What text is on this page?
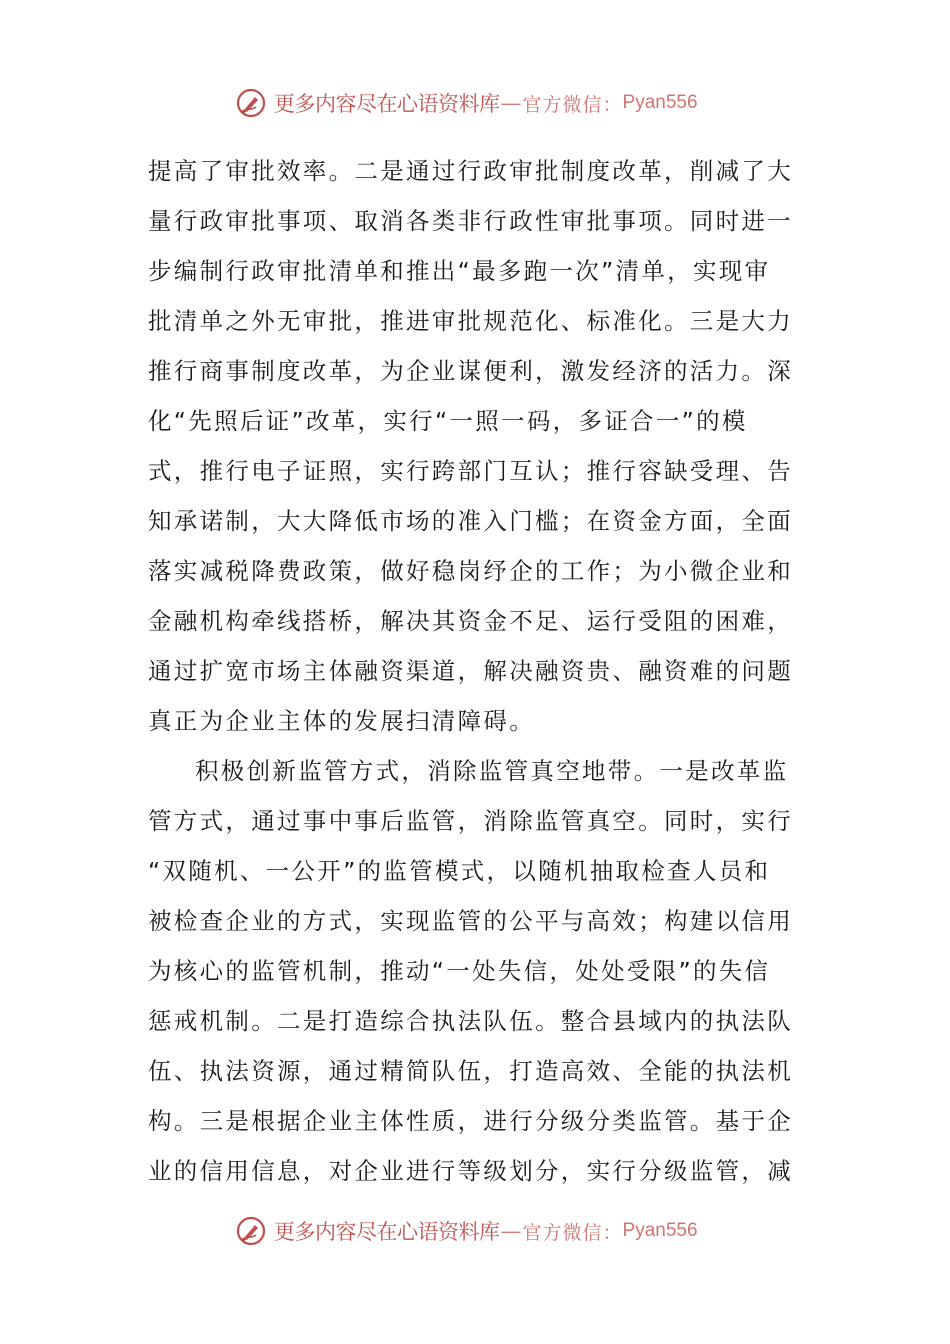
更多内容尽在心语资料库 — 官方微信： Pyan556
提高了审批效率。二是通过行政审批制度改革，削减了大
量行政审批事项、取消各类非行政性审批事项。同时进一
步编制行政审批清单和推出“最多跑一次”清单，实现审
批清单之外无审批，推进审批规范化、标准化。三是大力
推行商事制度改革，为企业谋便利，激发经济的活力。深
化“先照后证”改革，实行“一照一码，多证合一”的模
式，推行电子证照，实行跨部门互认；推行容缺受理、告
知承诺制，大大降低市场的准入门槛；在资金方面，全面
落实减税降费政策，做好稳岗纾企的工作；为小微企业和
金融机构牵线搭桥，解决其资金不足、运行受阻的困难，
通过扩宽市场主体融资渠道，解决融资贵、融资难的问题
真正为企业主体的发展扫清障碍。
积极创新监管方式，消除监管真空地带。一是改革监
管方式，通过事中事后监管，消除监管真空。同时，实行
“双随机、一公开”的监管模式，以随机抽取检查人员和
被检查企业的方式，实现监管的公平与高效；构建以信用
为核心的监管机制，推动“一处失信，处处受限”的失信
惩戒机制。二是打造综合执法队伍。整合县域内的执法队
伍、执法资源，通过精简队伍，打造高效、全能的执法机
构。三是根据企业主体性质，进行分级分类监管。基于企
业的信用信息，对企业进行等级划分，实行分级监管，减
更多内容尽在心语资料库 — 官方微信： Pyan556
